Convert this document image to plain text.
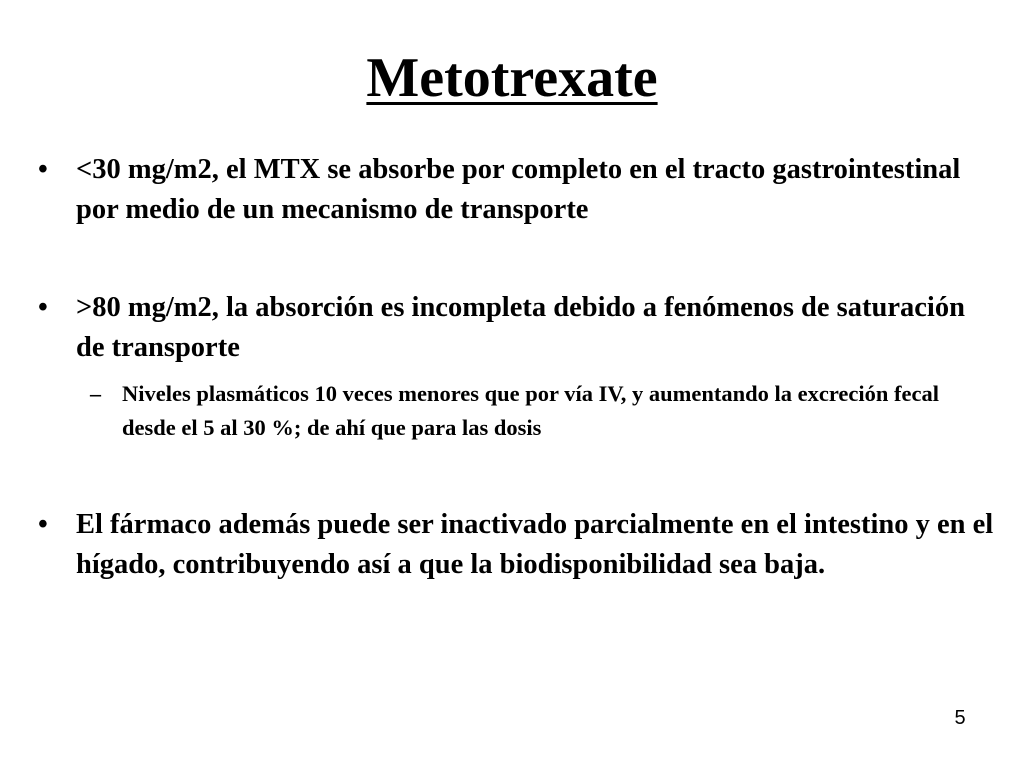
Metotrexate
• <30 mg/m2, el MTX se absorbe por completo en el tracto gastrointestinal por medio de un mecanismo de transporte
• >80 mg/m2, la absorción es incompleta debido a fenómenos de saturación de transporte
– Niveles plasmáticos 10 veces menores que por vía IV, y aumentando la excreción fecal desde el 5 al 30 %; de ahí que para las dosis
• El fármaco además puede ser inactivado parcialmente en el intestino y en el hígado, contribuyendo así a que la biodisponibilidad sea baja.
5
